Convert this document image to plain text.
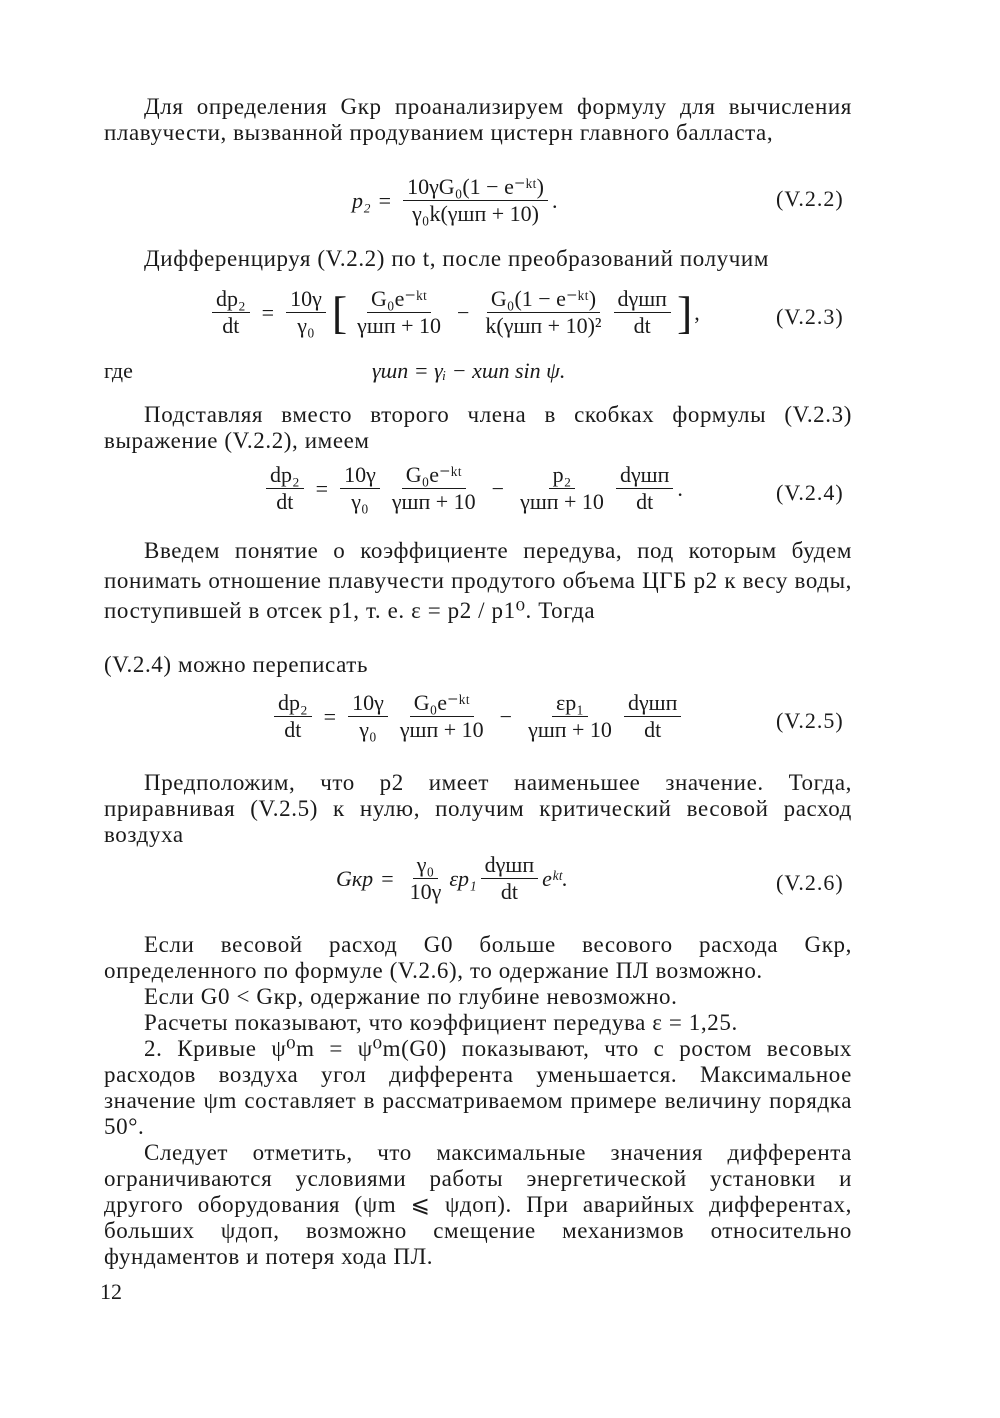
Для определения Gкр проанализируем формулу для вычисления плавучести, вызванной продуванием цистерн главного балласта,
$p_2 = \frac{\text{10γG₀(1 − e⁻ᵏᵗ)}}{\text{γ₀k(γшп + 10)}}$ .	(V.2.2)
Дифференцируя (V.2.2) по t, после преобразований получим
$\frac{\text{dp₂}}{dt} = \frac{10\gamma}{\text{γ₀}}$ [ $\frac{\text{G₀e⁻ᵏᵗ}}{\text{γшп + 10}} - \frac{\text{G₀(1 − e⁻ᵏᵗ)}}{\text{k(γшп + 10)²}} \frac{\text{dγшп}}{dt}$ ] ,	(V.2.3)
где	γшп = γᵢ − xшп sin ψ.
Подставляя вместо второго члена в скобках формулы (V.2.3) выражение (V.2.2), имеем
$\frac{\text{dp₂}}{dt} = \frac{10\gamma}{\text{γ₀}} \frac{\text{G₀e⁻ᵏᵗ}}{\text{γшп + 10}} - \frac{\text{p₂}}{\text{γшп + 10}} \frac{\text{dγшп}}{dt}$ .	(V.2.4)
Введем понятие о коэффициенте передува, под которым будем понимать отношение плавучести продутого объема ЦГБ p2 к весу воды, поступившей в отсек p1, т. е. ε = p2 / p1⁰. Тогда
(V.2.4) можно переписать
$\frac{\text{dp₂}}{dt} = \frac{10\gamma}{\text{γ₀}} \frac{\text{G₀e⁻ᵏᵗ}}{\text{γшп + 10}} - \frac{\text{εp₁}}{\text{γшп + 10}} \frac{\text{dγшп}}{dt}$	(V.2.5)
Предположим, что p2 имеет наименьшее значение. Тогда, приравнивая (V.2.5) к нулю, получим критический весовой расход воздуха
Gкр = $\frac{\text{γ₀}}{10\gamma} \varepsilon p_1 \frac{\text{dγшп}}{dt}$ eᵏᵗ .	(V.2.6)
Если весовой расход G0 больше весового расхода Gкр, определенного по формуле (V.2.6), то одержание ПЛ возможно.
Если G0 < Gкр, одержание по глубине невозможно.
Расчеты показывают, что коэффициент передува ε = 1,25.
2. Кривые ψ⁰m = ψ⁰m(G0) показывают, что с ростом весовых расходов воздуха угол дифферента уменьшается. Максимальное значение ψm составляет в рассматриваемом примере величину порядка 50°.
Следует отметить, что максимальные значения дифферента ограничиваются условиями работы энергетической установки и другого оборудования (ψm ⩽ ψдоп). При аварийных дифферентах, больших ψдоп, возможно смещение механизмов относительно фундаментов и потеря хода ПЛ.
12
